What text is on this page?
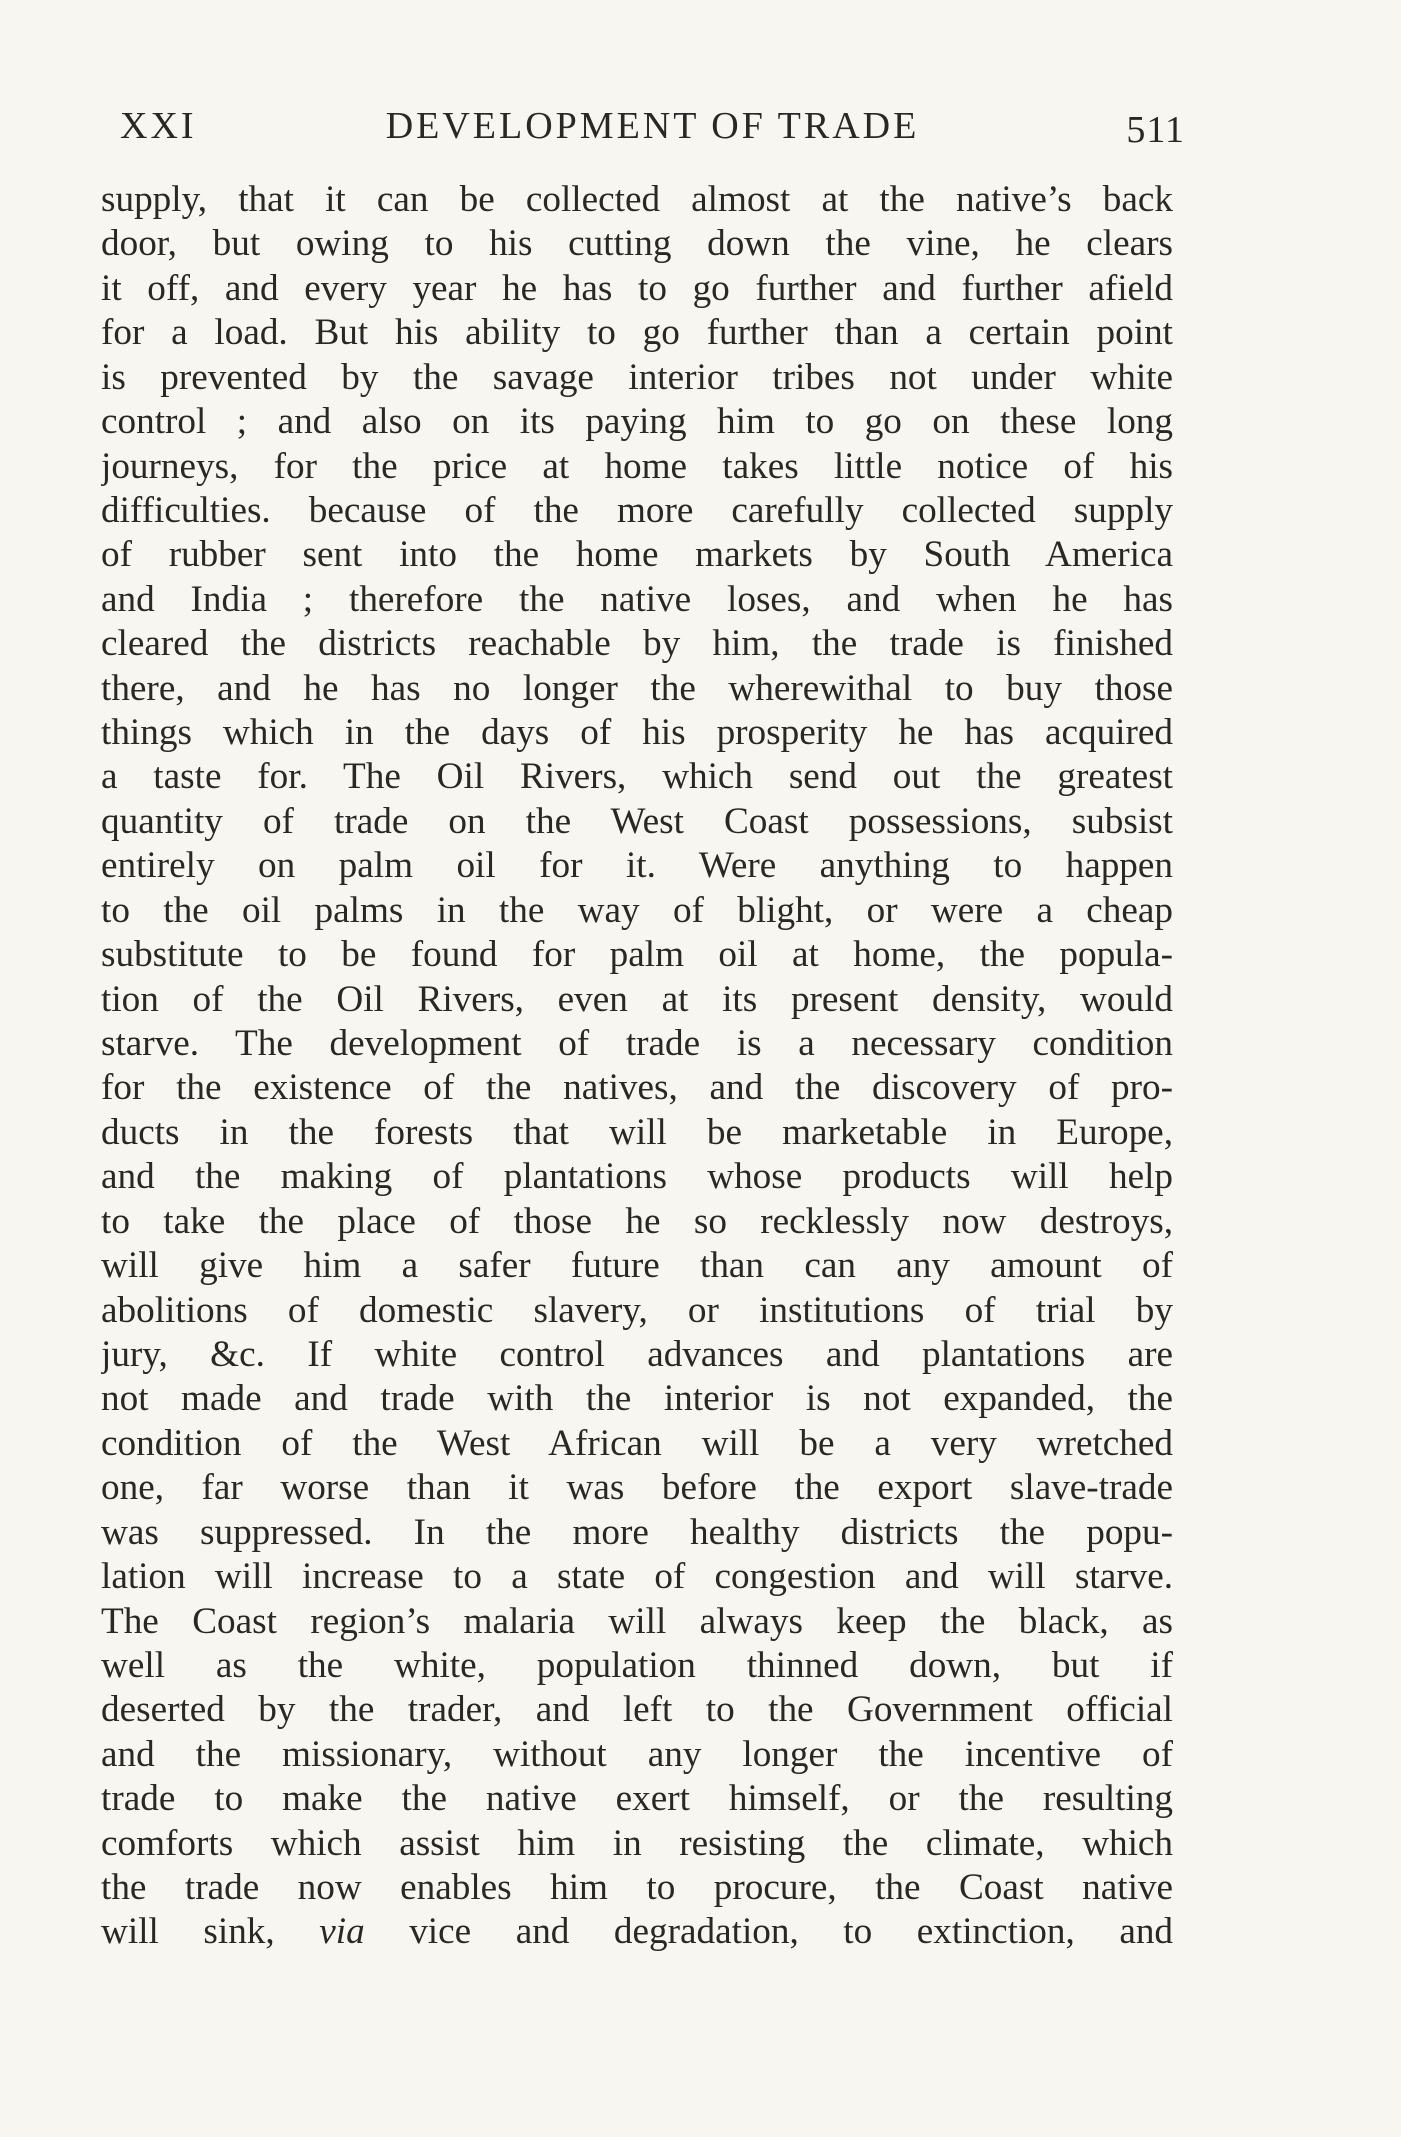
XXI	DEVELOPMENT OF TRADE	511
supply, that it can be collected almost at the native’s back
door, but owing to his cutting down the vine, he clears
it off, and every year he has to go further and further afield
for a load. But his ability to go further than a certain point
is prevented by the savage interior tribes not under white
control ; and also on its paying him to go on these long
journeys, for the price at home takes little notice of his
difficulties. because of the more carefully collected supply
of rubber sent into the home markets by South America
and India ; therefore the native loses, and when he has
cleared the districts reachable by him, the trade is finished
there, and he has no longer the wherewithal to buy those
things which in the days of his prosperity he has acquired
a taste for. The Oil Rivers, which send out the greatest
quantity of trade on the West Coast possessions, subsist
entirely on palm oil for it. Were anything to happen
to the oil palms in the way of blight, or were a cheap
substitute to be found for palm oil at home, the popula-
tion of the Oil Rivers, even at its present density, would
starve. The development of trade is a necessary condition
for the existence of the natives, and the discovery of pro-
ducts in the forests that will be marketable in Europe,
and the making of plantations whose products will help
to take the place of those he so recklessly now destroys,
will give him a safer future than can any amount of
abolitions of domestic slavery, or institutions of trial by
jury, &c. If white control advances and plantations are
not made and trade with the interior is not expanded, the
condition of the West African will be a very wretched
one, far worse than it was before the export slave-trade
was suppressed. In the more healthy districts the popu-
lation will increase to a state of congestion and will starve.
The Coast region’s malaria will always keep the black, as
well as the white, population thinned down, but if
deserted by the trader, and left to the Government official
and the missionary, without any longer the incentive of
trade to make the native exert himself, or the resulting
comforts which assist him in resisting the climate, which
the trade now enables him to procure, the Coast native
will sink, via vice and degradation, to extinction, and
